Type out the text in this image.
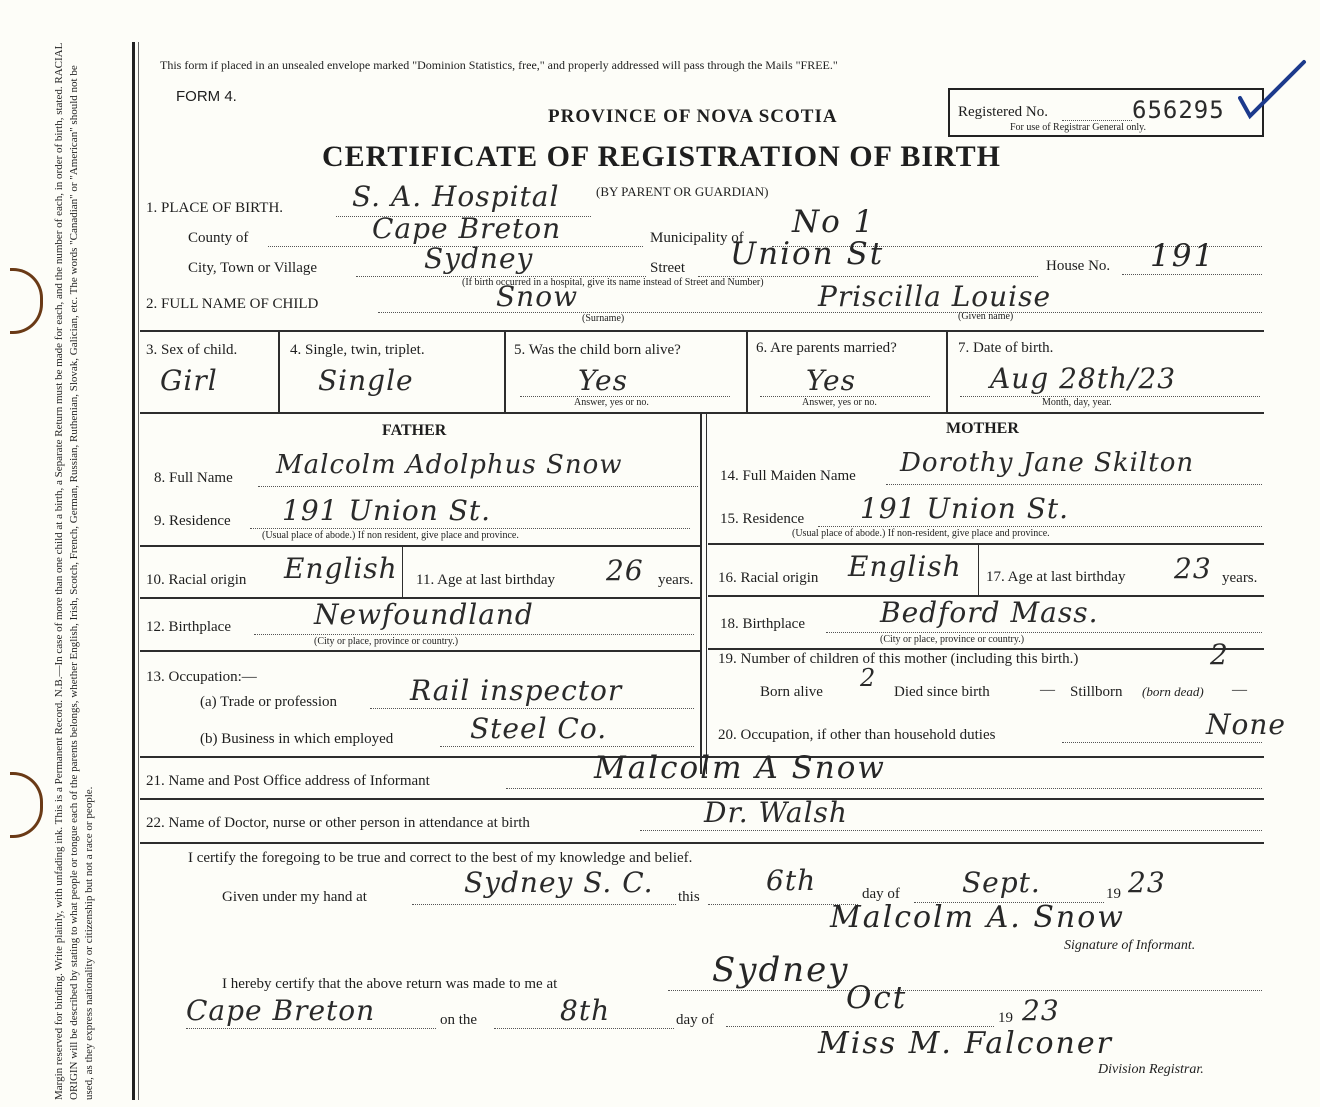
Margin reserved for binding. Write plainly, with unfading ink. This is a Permanent Record. N.B.—In case of more than one child at a birth, a Separate Return must be made for each, and the number of each, in order of birth, stated. RACIAL ORIGIN will be described by stating to what people or tongue each of the parents belongs, whether English, Irish, Scotch, French, German, Russian, Ruthenian, Slovak, Galician, etc. The words "Canadian" or "American" should not be used, as they express nationality or citizenship but not a race or people.
This form if placed in an unsealed envelope marked "Dominion Statistics, free," and properly addressed will pass through the Mails "FREE."
FORM 4.
PROVINCE OF NOVA SCOTIA	Registered No.	656295
For use of Registrar General only.
CERTIFICATE OF REGISTRATION OF BIRTH
(BY PARENT OR GUARDIAN)
1. PLACE OF BIRTH. S. A. Hospital
County of	Cape Breton	Municipality of No 1
City, Town or Village	Sydney
(If birth occurred in a hospital, give its name instead of Street and Number)
Street Union St	House No. 191
2. FULL NAME OF CHILD	Snow	Priscilla Louise
(Surname)	(Given name)
3. Sex of child.
Girl
4. Single, twin, triplet.
Single
5. Was the child born alive?
Yes
Answer, yes or no.
6. Are parents married?
Yes
Answer, yes or no.
7. Date of birth.
Aug 28th/23
Month, day, year.
FATHER	MOTHER
8. Full Name Malcolm Adolphus Snow	14. Full Maiden Name Dorothy Jane Skilton
9. Residence 191 Union St.
(Usual place of abode.) If non resident, give place and province.
15. Residence 191 Union St.
(Usual place of abode.) If non-resident, give place and province.
10. Racial origin English 11. Age at last birthday 26 years. 16. Racial origin English 17. Age at last birthday 23 years.
12. Birthplace	Newfoundland
(City or place, province or country.)
18. Birthplace	Bedford Mass.
(City or place, province or country.)
13. Occupation:—
(a) Trade or profession	Rail inspector
(b) Business in which employed	Steel Co.
19. Number of children of this mother (including this birth.)	2
Born alive 2 Died since birth	— Stillborn (born dead) —
20. Occupation, if other than household duties	None
21. Name and Post Office address of Informant	Malcolm A Snow
22. Name of Doctor, nurse or other person in attendance at birth	Dr. Walsh
I certify the foregoing to be true and correct to the best of my knowledge and belief.
Given under my hand at	Sydney S. C. this 6th	day of Sept.	19 23
Malcolm A. Snow
Signature of Informant.
I hereby certify that the above return was made to me at	Sydney
Cape Breton	on the	8th	day of
Oct
19 23
Miss M. Falconer
Division Registrar.
